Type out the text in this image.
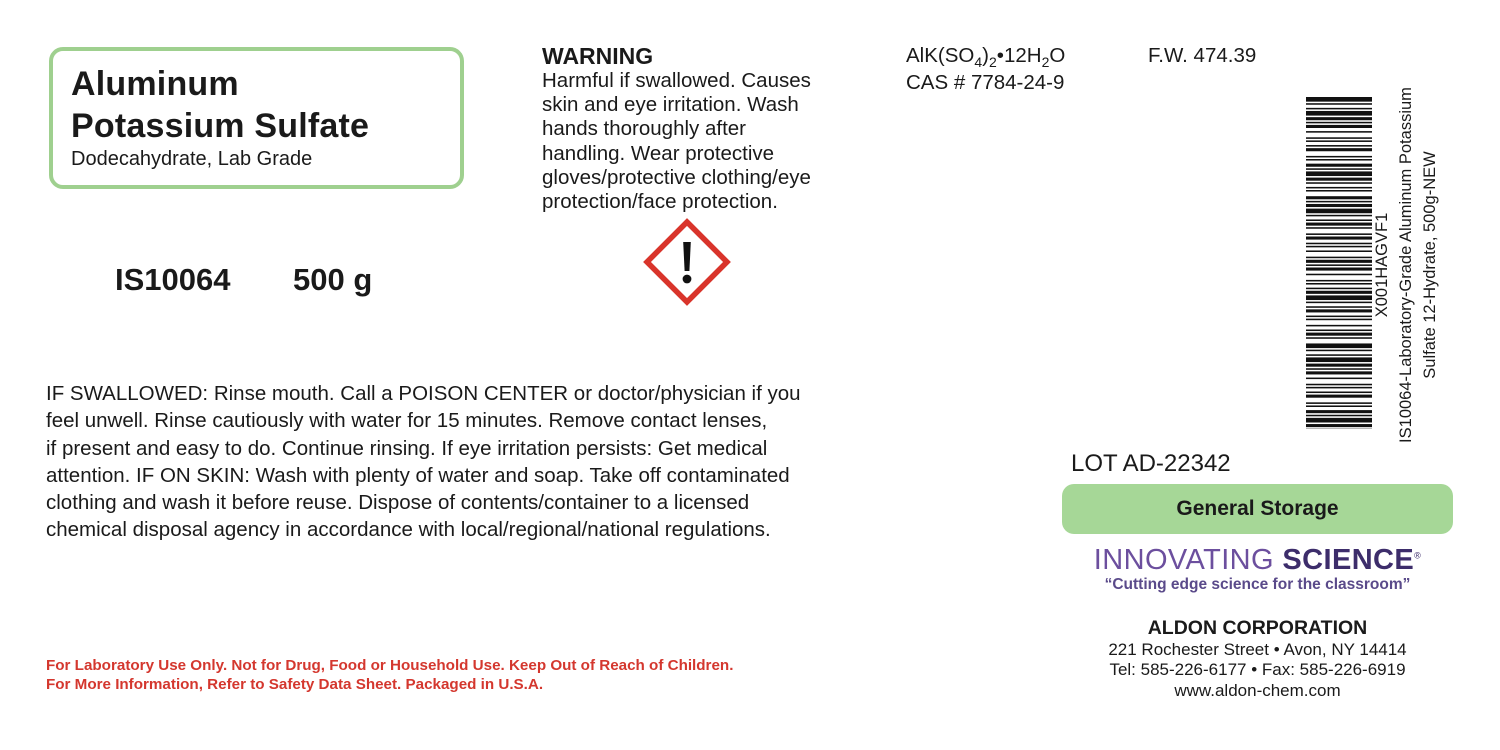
Aluminum
Potassium Sulfate
Dodecahydrate, Lab Grade
IS10064 500 g
WARNING
Harmful if swallowed. Causes
skin and eye irritation. Wash
hands thoroughly after
handling. Wear protective
gloves/protective clothing/eye
protection/face protection.
$AlK(SO_4)_2•12H_2O$
CAS # 7784-24-9
F.W. 474.39
X001HAGVF1 IS10064-Laboratory-Grade Aluminum Potassium Sulfate 12-Hydrate, 500g-NEW
IF SWALLOWED: Rinse mouth. Call a POISON CENTER or doctor/physician if you
feel unwell. Rinse cautiously with water for 15 minutes. Remove contact lenses,
if present and easy to do. Continue rinsing. If eye irritation persists: Get medical
attention. IF ON SKIN: Wash with plenty of water and soap. Take off contaminated
clothing and wash it before reuse. Dispose of contents/container to a licensed
chemical disposal agency in accordance with local/regional/national regulations.
For Laboratory Use Only. Not for Drug, Food or Household Use. Keep Out of Reach of Children.
For More Information, Refer to Safety Data Sheet. Packaged in U.S.A.
LOT AD-22342
General Storage
INNOVATING SCIENCE®
“Cutting edge science for the classroom”
ALDON CORPORATION
221 Rochester Street • Avon, NY 14414
Tel: 585-226-6177 • Fax: 585-226-6919
www.aldon-chem.com
